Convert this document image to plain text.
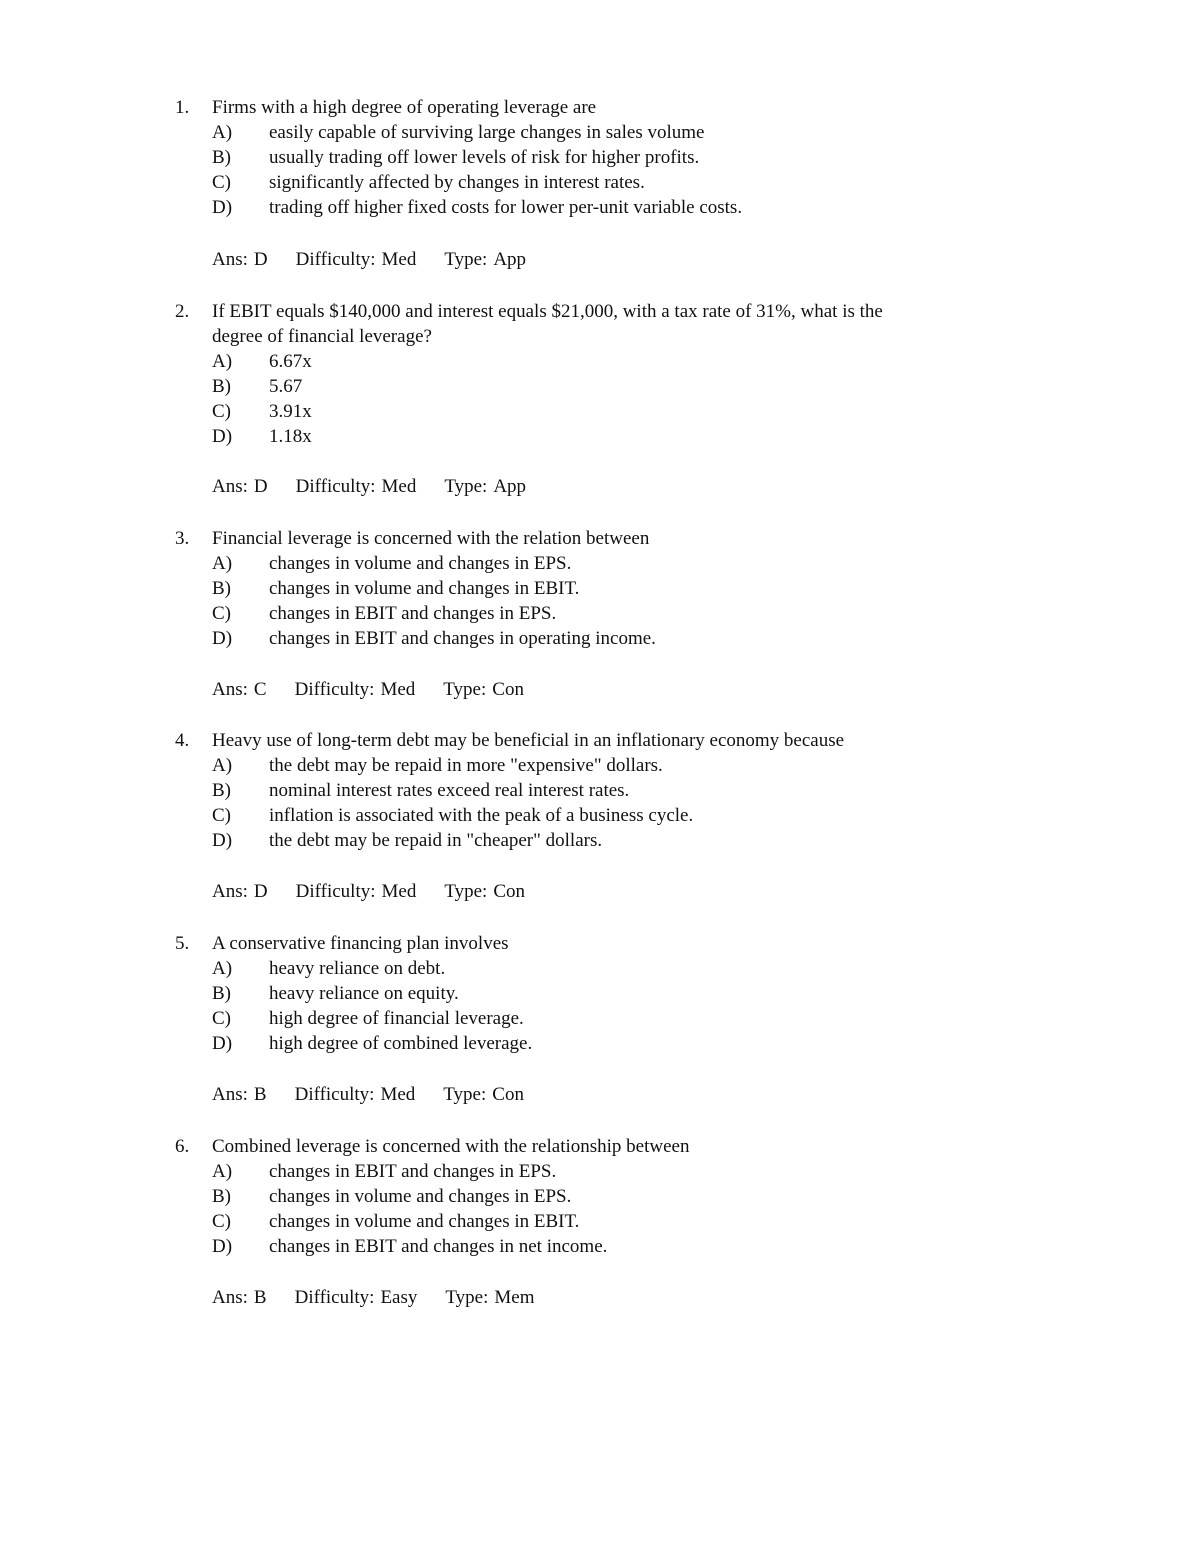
1. Firms with a high degree of operating leverage are
A) easily capable of surviving large changes in sales volume
B) usually trading off lower levels of risk for higher profits.
C) significantly affected by changes in interest rates.
D) trading off higher fixed costs for lower per-unit variable costs.
Ans: D Difficulty: Med Type: App
2. If EBIT equals $140,000 and interest equals $21,000, with a tax rate of 31%, what is the
degree of financial leverage?
A) 6.67x
B) 5.67
C) 3.91x
D) 1.18x
Ans: D Difficulty: Med Type: App
3. Financial leverage is concerned with the relation between
A) changes in volume and changes in EPS.
B) changes in volume and changes in EBIT.
C) changes in EBIT and changes in EPS.
D) changes in EBIT and changes in operating income.
Ans: C Difficulty: Med Type: Con
4. Heavy use of long-term debt may be beneficial in an inflationary economy because
A) the debt may be repaid in more "expensive" dollars.
B) nominal interest rates exceed real interest rates.
C) inflation is associated with the peak of a business cycle.
D) the debt may be repaid in "cheaper" dollars.
Ans: D Difficulty: Med Type: Con
5. A conservative financing plan involves
A) heavy reliance on debt.
B) heavy reliance on equity.
C) high degree of financial leverage.
D) high degree of combined leverage.
Ans: B Difficulty: Med Type: Con
6. Combined leverage is concerned with the relationship between
A) changes in EBIT and changes in EPS.
B) changes in volume and changes in EPS.
C) changes in volume and changes in EBIT.
D) changes in EBIT and changes in net income.
Ans: B Difficulty: Easy Type: Mem
